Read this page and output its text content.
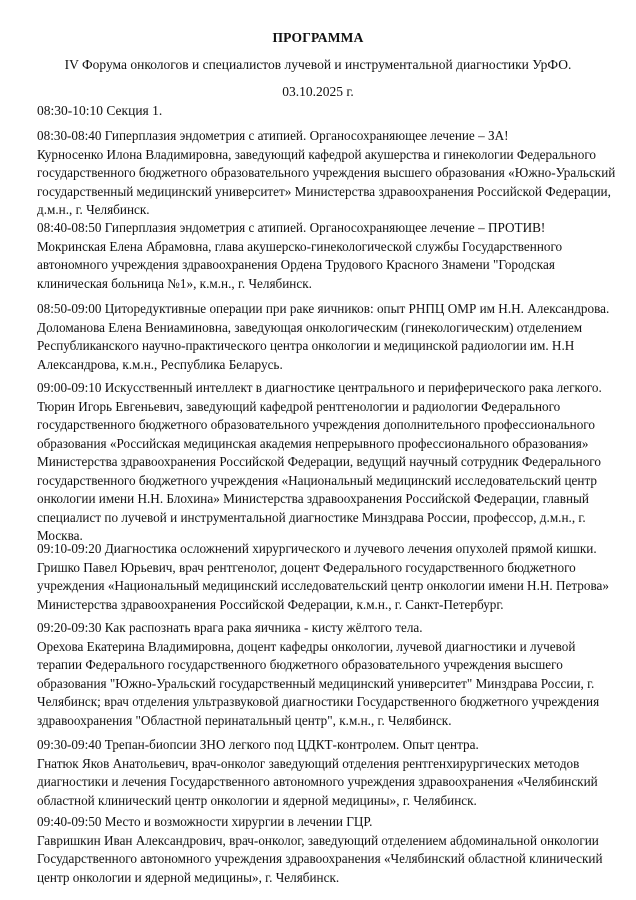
ПРОГРАММА
IV Форума онкологов и специалистов лучевой и инструментальной диагностики УрФО.
03.10.2025 г.
08:30-10:10 Секция 1.
08:30-08:40 Гиперплазия эндометрия с атипией. Органосохраняющее лечение – ЗА!
Курносенко Илона Владимировна, заведующий кафедрой акушерства и гинекологии Федерального
государственного бюджетного образовательного учреждения высшего образования «Южно-Уральский
государственный медицинский университет» Министерства здравоохранения Российской Федерации,
д.м.н., г. Челябинск.
08:40-08:50 Гиперплазия эндометрия с атипией. Органосохраняющее лечение – ПРОТИВ!
Мокринская Елена Абрамовна, глава акушерско-гинекологической службы Государственного
автономного учреждения здравоохранения Ордена Трудового Красного Знамени "Городская
клиническая больница №1», к.м.н., г. Челябинск.
08:50-09:00 Циторедуктивные операции при раке яичников: опыт РНПЦ ОМР им Н.Н. Александрова.
Доломанова Елена Вениаминовна, заведующая онкологическим (гинекологическим) отделением
Республиканского научно-практического центра онкологии и медицинской радиологии им. Н.Н
Александрова, к.м.н., Республика Беларусь.
09:00-09:10 Искусственный интеллект в диагностике центрального и периферического рака легкого.
Тюрин Игорь Евгеньевич, заведующий кафедрой рентгенологии и радиологии Федерального
государственного бюджетного образовательного учреждения дополнительного профессионального
образования «Российская медицинская академия непрерывного профессионального образования»
Министерства здравоохранения Российской Федерации, ведущий научный сотрудник Федерального
государственного бюджетного учреждения «Национальный медицинский исследовательский центр
онкологии имени Н.Н. Блохина» Министерства здравоохранения Российской Федерации, главный
специалист по лучевой и инструментальной диагностике Минздрава России, профессор, д.м.н., г.
Москва.
09:10-09:20 Диагностика осложнений хирургического и лучевого лечения опухолей прямой кишки.
Гришко Павел Юрьевич, врач рентгенолог, доцент Федерального государственного бюджетного
учреждения «Национальный медицинский исследовательский центр онкологии имени Н.Н. Петрова»
Министерства здравоохранения Российской Федерации, к.м.н., г. Санкт-Петербург.
09:20-09:30 Как распознать врага рака яичника - кисту жёлтого тела.
Орехова Екатерина Владимировна, доцент кафедры онкологии, лучевой диагностики и лучевой
терапии Федерального государственного бюджетного образовательного учреждения высшего
образования "Южно-Уральский государственный медицинский университет" Минздрава России, г.
Челябинск; врач отделения ультразвуковой диагностики Государственного бюджетного учреждения
здравоохранения "Областной перинатальный центр", к.м.н., г. Челябинск.
09:30-09:40 Трепан-биопсии ЗНО легкого под ЦДКТ-контролем. Опыт центра.
Гнатюк Яков Анатольевич, врач-онколог заведующий отделения рентгенхирургических методов
диагностики и лечения Государственного автономного учреждения здравоохранения «Челябинский
областной клинический центр онкологии и ядерной медицины», г. Челябинск.
09:40-09:50 Место и возможности хирургии в лечении ГЦР.
Гавришкин Иван Александрович, врач-онколог, заведующий отделением абдоминальной онкологии
Государственного автономного учреждения здравоохранения «Челябинский областной клинический
центр онкологии и ядерной медицины», г. Челябинск.
